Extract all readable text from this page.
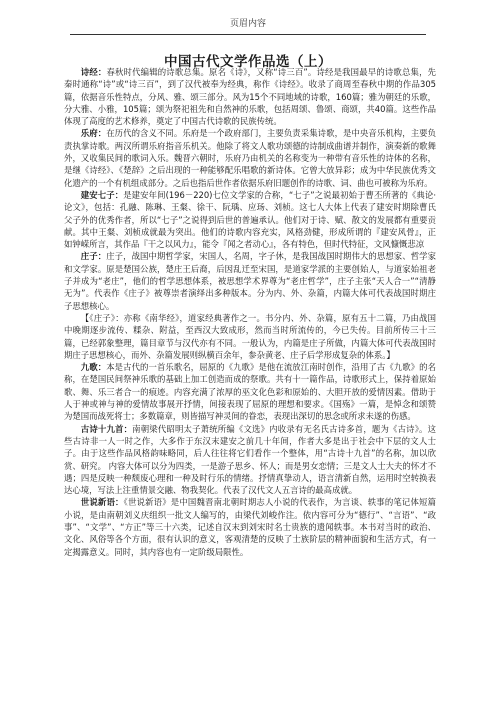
页眉内容
中国古代文学作品选（上）

诗经：春秋时代编辑的诗歌总集。原名《诗》，又称“诗三百”。诗经是我国最早的诗歌总集，先秦时通称“诗”或“诗三百”，到了汉代被奉为经典，称作《诗经》。收录了商周至春秋中期的作品305篇，依据音乐性特点，分风、雅、颂三部分。风为15个不同地域的诗歌，160篇；雅为朝廷的乐歌，分大雅、小雅，105篇；颂为祭祀祖先和自然神的乐歌，包括周颂、鲁颂、商颂，共40篇。这些作品体现了高度的艺术修养，奠定了中国古代诗歌的民族传统。

乐府：在历代的含义不同。乐府是一个政府部门，主要负责采集诗歌，是中央音乐机构，主要负责执掌诗歌。两汉所谓乐府指音乐机关。他除了将文人歌功颂德的诗制成曲谱并制作，演奏新的歌舞外，又收集民间的歌词入乐。魏晋六朝时，乐府乃由机关的名称变为一种带有音乐性的诗体的名称，是继《诗经》、《楚辞》之后出现的一种能够配乐唱歌的新诗体。它曾大放异彩；成为中华民族优秀文化遗产的一个有机组成部分。之后也指后世作者依据乐府旧题创作的诗歌、词、曲也可被称为乐府。

建安七子：是建安年间(196－220)七位文学家的合称，“七子”之说最初始于曹丕所著的《典论·论文》，包括：孔融、陈琳、王粲、徐干、阮瑀、应玚、刘桢。这七人大体上代表了建安时期除曹氏父子外的优秀作者，所以“七子”之说得到后世的普遍承认。他们对于诗、赋、散文的发展都有重要贡献。其中王粲、刘桢成就最为突出。他们的诗歌内容充实，风格劲健，形成所谓的『建安风骨』，正如钟嵘所言，其作品『干之以风力』，能令『闻之者动心』，各有特色，但时代特征，文风慷慨悲凉

庄子：庄子，战国中期哲学家，宋国人，名周，字子休，是我国战国时期伟大的思想家、哲学家和文学家。原是楚国公族，楚庄王后裔，后因乱迁至宋国，是道家学派的主要创始人，与道家始祖老子并成为“老庄”，他们的哲学思想体系，被思想学术界尊为“老庄哲学”，庄子主张“天人合一”“清静无为”。代表作《庄子》被尊崇者演绎出多种版本。分为内、外、杂篇，内篇大体可代表战国时期庄子思想核心。

【《庄子》：亦称《南华经》，道家经典著作之一。书分内、外、杂篇，原有五十二篇，乃由战国中晚期逐步流传、糅杂、附益，至西汉大致成形，然而当时所流传的，今已失传。目前所传三十三篇，已经郭象整理，篇目章节与汉代亦有不同。一般认为，内篇是庄子所做，内篇大体可代表战国时期庄子思想核心，而外、杂篇发展则纵横百余年，参杂黄老、庄子后学形成复杂的体系。】

九歌：本是古代的一首乐歌名，屈原的《九歌》是他在流放江南时创作，沿用了古《九歌》的名称，在楚国民间祭神乐歌的基础上加工创造而成的祭歌。共有十一篇作品，诗歌形式上，保持着原始歌、舞、乐三者合一的痕迹。内容充满了浓厚的巫文化色彩和原始的、大胆开放的爱情因素。借助于人于神或神与神的爱情故事展开抒情，间接表现了屈原的理想和要求。《国殇》一篇，是悼念和颂赞为楚国而战死将士；多数篇章，则皆描写神灵间的眷恋，表现出深切的思念或所求未遂的伤感。

古诗十九首：南朝梁代昭明太子萧统所编《文选》内收录有无名氏古诗多首，题为《古诗》。这些古诗非一人一时之作，大多作于东汉末建安之前几十年间，作者大多是出于社会中下层的文人士子。由于这些作品风格韵味略同，后人往往将它们看作一个整体，用“古诗十九首”的名称，加以欣赏、研究。 内容大体可以分为四类，一是游子思乡、怀人；而是男女恋情；三是文人士大夫的怀才不遇；四是反映一种颓废心理和一种及时行乐的情绪。抒情真挚动人，语言清新自然，运用时空转换表达心境，写法上注重情景交融、物我契化。代表了汉代文人五言诗的最高成就。

世说新语：《世说新语》是中国魏晋南北朝时期志人小说的代表作，为言谈、轶事的笔记体短篇小说，是由南朝刘义庆组织一批文人编写的，由梁代刘峻作注。依内容可分为“德行”、“言语”、“政事”、“文学”、“方正”等三十六类，记述自汉末到刘宋时名士贵族的遗闻轶事。本书对当时的政治、文化、风俗等各个方面，很有认识的意义，客观清楚的反映了士族阶层的精神面貌和生活方式，有一定揭露意义。同时，其内容也有一定阶级局限性。
